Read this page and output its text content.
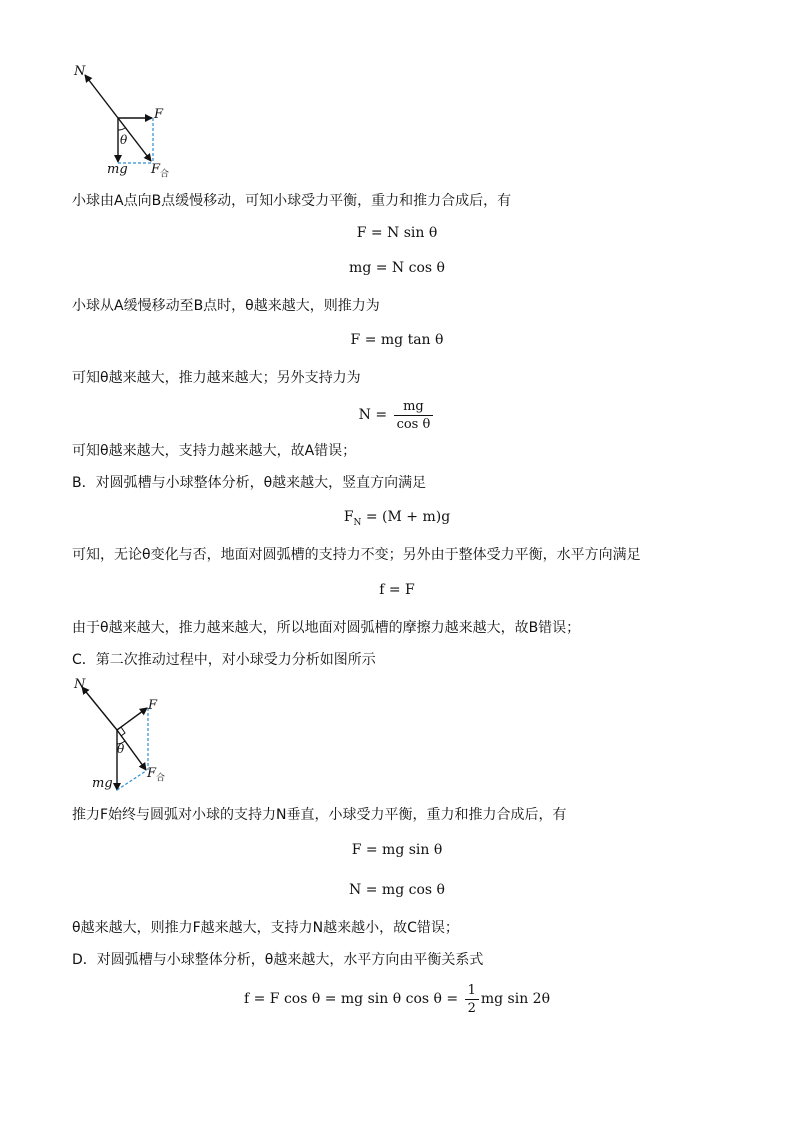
N
F
θ
mg $F_合$
小球由A点向B点缓慢移动，可知小球受力平衡，重力和推力合成后，有
F = N sin θ
mg = N cos θ
小球从A缓慢移动至B点时，θ越来越大，则推力为
F = mg tan θ
可知θ越来越大，推力越来越大；另外支持力为
$N = \frac{mg}{\text{cos θ}}$
可知θ越来越大，支持力越来越大，故A错误；
B．对圆弧槽与小球整体分析，θ越来越大，竖直方向满足
$F_N = (M + m)g$
可知，无论θ变化与否，地面对圆弧槽的支持力不变；另外由于整体受力平衡，水平方向满足
f = F
由于θ越来越大，推力越来越大，所以地面对圆弧槽的摩擦力越来越大，故B错误；
C．第二次推动过程中，对小球受力分析如图所示
N
F
θ
mg
$F_合$
推力F始终与圆弧对小球的支持力N垂直，小球受力平衡，重力和推力合成后，有
F = mg sin θ
N = mg cos θ
θ越来越大，则推力F越来越大，支持力N越来越小，故C错误；
D．对圆弧槽与小球整体分析，θ越来越大，水平方向由平衡关系式
f = F cos θ = mg sin θ $\cos \theta = \frac{1}{2}$ mg sin 2θ
